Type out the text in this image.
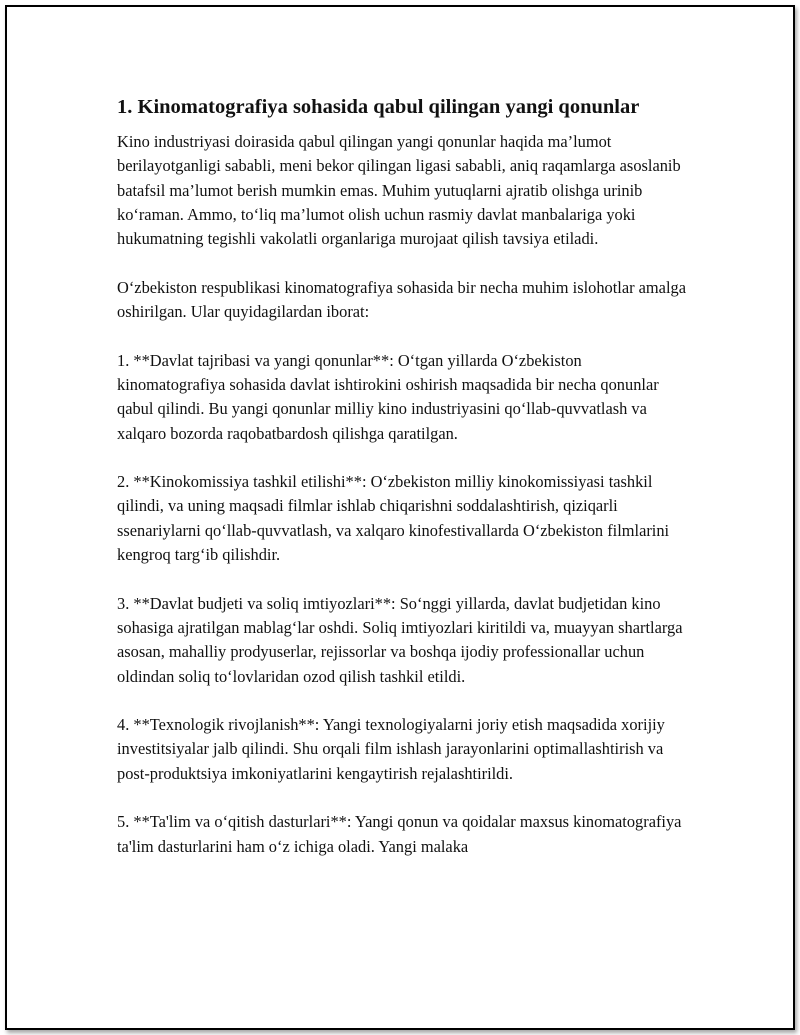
1. Kinomatografiya sohasida qabul qilingan yangi qonunlar

Kino industriyasi doirasida qabul qilingan yangi qonunlar haqida ma’lumot berilayotganligi sababli, meni bekor qilingan ligasi sababli, aniq raqamlarga asoslanib batafsil ma’lumot berish mumkin emas. Muhim yutuqlarni ajratib olishga urinib ko‘raman. Ammo, to‘liq ma’lumot olish uchun rasmiy davlat manbalariga yoki hukumatning tegishli vakolatli organlariga murojaat qilish tavsiya etiladi.

O‘zbekiston respublikasi kinomatografiya sohasida bir necha muhim islohotlar amalga oshirilgan. Ular quyidagilardan iborat:

1. **Davlat tajribasi va yangi qonunlar**: O‘tgan yillarda O‘zbekiston kinomatografiya sohasida davlat ishtirokini oshirish maqsadida bir necha qonunlar qabul qilindi. Bu yangi qonunlar milliy kino industriyasini qo‘llab-quvvatlash va xalqaro bozorda raqobatbardosh qilishga qaratilgan.

2. **Kinokomissiya tashkil etilishi**: O‘zbekiston milliy kinokomissiyasi tashkil qilindi, va uning maqsadi filmlar ishlab chiqarishni soddalashtirish, qiziqarli ssenariylarni qo‘llab-quvvatlash, va xalqaro kinofestivallarda O‘zbekiston filmlarini kengroq targ‘ib qilishdir.

3. **Davlat budjeti va soliq imtiyozlari**: So‘nggi yillarda, davlat budjetidan kino sohasiga ajratilgan mablag‘lar oshdi. Soliq imtiyozlari kiritildi va, muayyan shartlarga asosan, mahalliy prodyuserlar, rejissorlar va boshqa ijodiy professionallar uchun oldindan soliq to‘lovlaridan ozod qilish tashkil etildi.

4. **Texnologik rivojlanish**: Yangi texnologiyalarni joriy etish maqsadida xorijiy investitsiyalar jalb qilindi. Shu orqali film ishlash jarayonlarini optimallashtirish va post-produktsiya imkoniyatlarini kengaytirish rejalashtirildi.

5. **Ta'lim va o‘qitish dasturlari**: Yangi qonun va qoidalar maxsus kinomatografiya ta'lim dasturlarini ham o‘z ichiga oladi. Yangi malaka
